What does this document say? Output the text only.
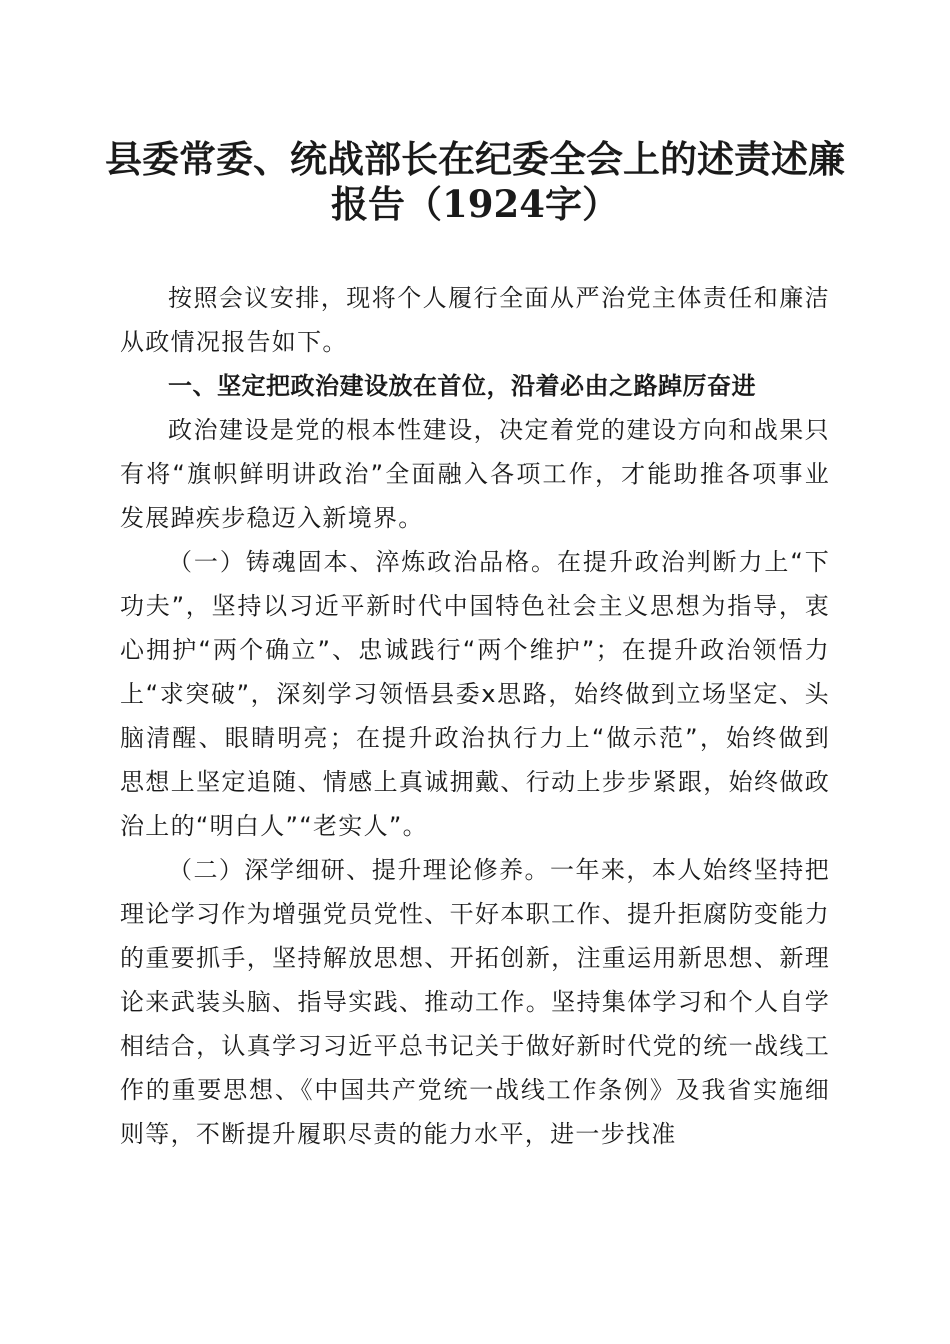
县委常委、统战部长在纪委全会上的述责述廉
报告（1924字）

按照会议安排，现将个人履行全面从严治党主体责任和廉洁从政情况报告如下。

一、坚定把政治建设放在首位，沿着必由之路踔厉奋进

政治建设是党的根本性建设，决定着党的建设方向和战果只有将“旗帜鲜明讲政治”全面融入各项工作，才能助推各项事业发展踔疾步稳迈入新境界。

（一）铸魂固本、淬炼政治品格。在提升政治判断力上“下功夫”，坚持以习近平新时代中国特色社会主义思想为指导，衷心拥护“两个确立”、忠诚践行“两个维护”；在提升政治领悟力上“求突破”，深刻学习领悟县委x思路，始终做到立场坚定、头脑清醒、眼睛明亮；在提升政治执行力上“做示范”，始终做到思想上坚定追随、情感上真诚拥戴、行动上步步紧跟，始终做政治上的“明白人”“老实人”。

（二）深学细研、提升理论修养。一年来，本人始终坚持把理论学习作为增强党员党性、干好本职工作、提升拒腐防变能力的重要抓手，坚持解放思想、开拓创新，注重运用新思想、新理论来武装头脑、指导实践、推动工作。坚持集体学习和个人自学相结合，认真学习习近平总书记关于做好新时代党的统一战线工作的重要思想、《中国共产党统一战线工作条例》及我省实施细则等，不断提升履职尽责的能力水平，进一步找准
